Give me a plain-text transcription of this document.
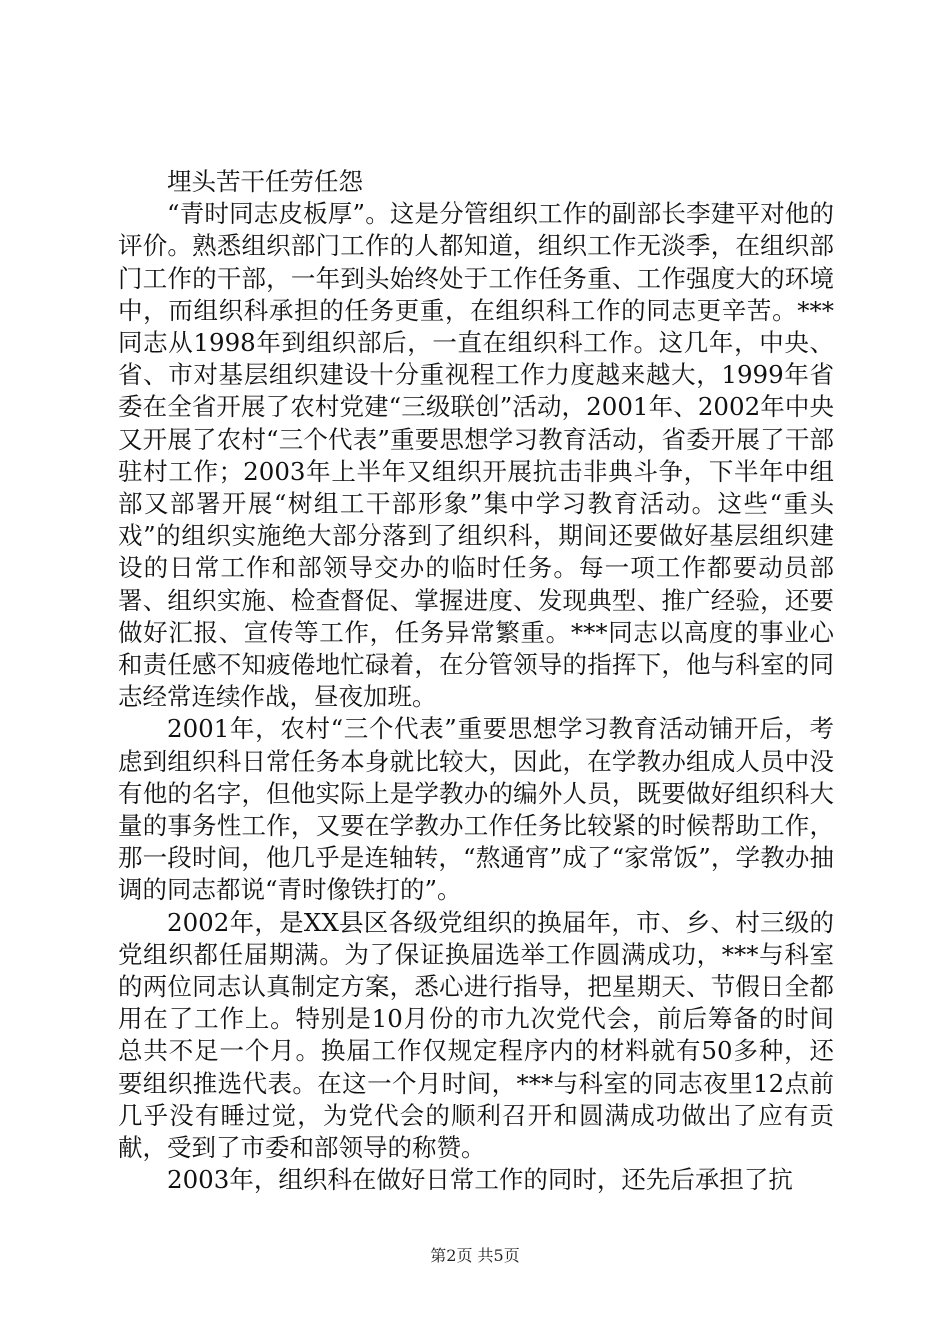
埋头苦干任劳任怨

“青时同志皮板厚”。这是分管组织工作的副部长李建平对他的评价。熟悉组织部门工作的人都知道，组织工作无淡季，在组织部门工作的干部，一年到头始终处于工作任务重、工作强度大的环境中，而组织科承担的任务更重，在组织科工作的同志更辛苦。***同志从1998年到组织部后，一直在组织科工作。这几年，中央、省、市对基层组织建设十分重视程工作力度越来越大，1999年省委在全省开展了农村党建“三级联创”活动，2001年、2002年中央又开展了农村“三个代表”重要思想学习教育活动，省委开展了干部驻村工作；2003年上半年又组织开展抗击非典斗争，下半年中组部又部署开展“树组工干部形象”集中学习教育活动。这些“重头戏”的组织实施绝大部分落到了组织科，期间还要做好基层组织建设的日常工作和部领导交办的临时任务。每一项工作都要动员部署、组织实施、检查督促、掌握进度、发现典型、推广经验，还要做好汇报、宣传等工作，任务异常繁重。***同志以高度的事业心和责任感不知疲倦地忙碌着，在分管领导的指挥下，他与科室的同志经常连续作战，昼夜加班。

2001年，农村“三个代表”重要思想学习教育活动铺开后，考虑到组织科日常任务本身就比较大，因此，在学教办组成人员中没有他的名字，但他实际上是学教办的编外人员，既要做好组织科大量的事务性工作，又要在学教办工作任务比较紧的时候帮助工作，那一段时间，他几乎是连轴转，“熬通宵”成了“家常饭”，学教办抽调的同志都说“青时像铁打的”。

2002年，是XX县区各级党组织的换届年，市、乡、村三级的党组织都任届期满。为了保证换届选举工作圆满成功，***与科室的两位同志认真制定方案，悉心进行指导，把星期天、节假日全都用在了工作上。特别是10月份的市九次党代会，前后筹备的时间总共不足一个月。换届工作仅规定程序内的材料就有50多种，还要组织推选代表。在这一个月时间，***与科室的同志夜里12点前几乎没有睡过觉，为党代会的顺利召开和圆满成功做出了应有贡献，受到了市委和部领导的称赞。

2003年，组织科在做好日常工作的同时，还先后承担了抗

第2页 共5页
